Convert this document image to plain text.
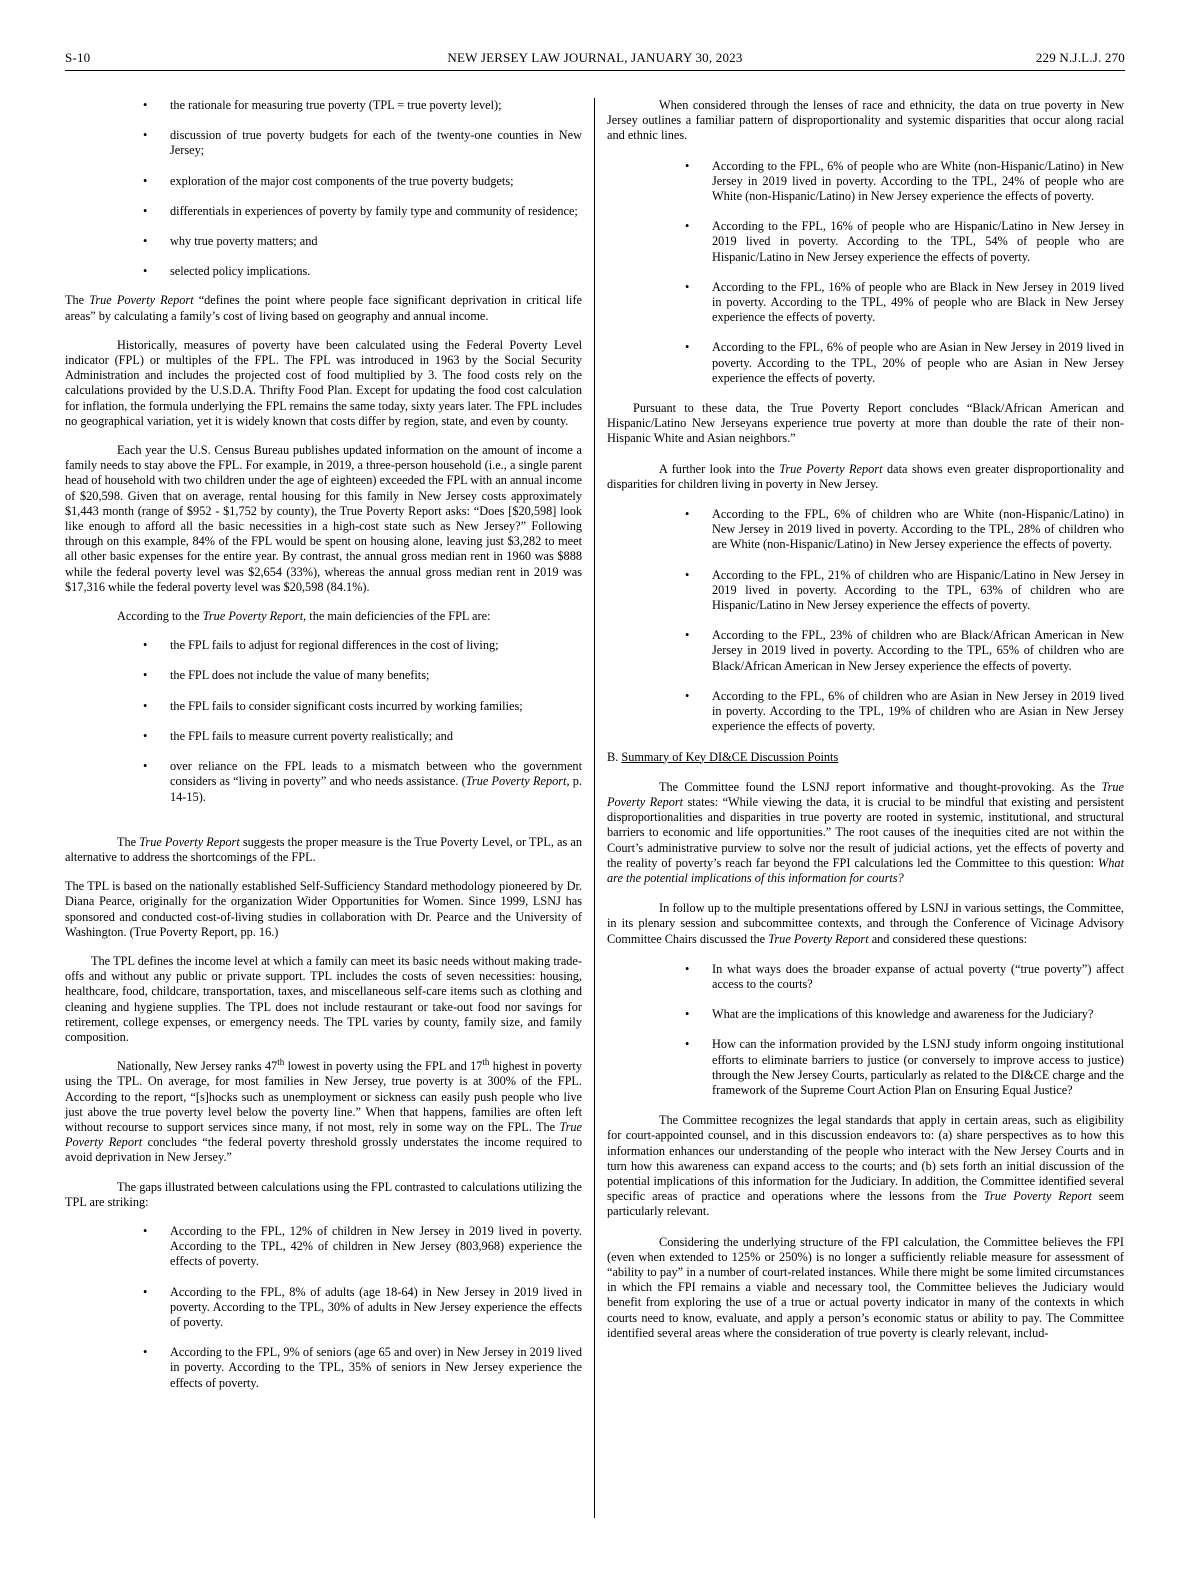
S-10	NEW JERSEY LAW JOURNAL, JANUARY 30, 2023	229 N.J.L.J. 270
• the rationale for measuring true poverty (TPL = true poverty level);
• discussion of true poverty budgets for each of the twenty-one counties in New Jersey;
• exploration of the major cost components of the true poverty budgets;
• differentials in experiences of poverty by family type and community of residence;
• why true poverty matters; and
• selected policy implications.

The True Poverty Report “defines the point where people face significant deprivation in critical life areas” by calculating a family’s cost of living based on geography and annual income.

Historically, measures of poverty have been calculated using the Federal Poverty Level indicator (FPL) or multiples of the FPL. The FPL was introduced in 1963 by the Social Security Administration and includes the projected cost of food multiplied by 3. The food costs rely on the calculations provided by the U.S.D.A. Thrifty Food Plan. Except for updating the food cost calculation for inflation, the formula underlying the FPL remains the same today, sixty years later. The FPL includes no geographical variation, yet it is widely known that costs differ by region, state, and even by county.

Each year the U.S. Census Bureau publishes updated information on the amount of income a family needs to stay above the FPL. For example, in 2019, a three-person household (i.e., a single parent head of household with two children under the age of eighteen) exceeded the FPL with an annual income of $20,598. Given that on average, rental housing for this family in New Jersey costs approximately $1,443 month (range of $952 - $1,752 by county), the True Poverty Report asks: “Does [$20,598] look like enough to afford all the basic necessities in a high-cost state such as New Jersey?” Following through on this example, 84% of the FPL would be spent on housing alone, leaving just $3,282 to meet all other basic expenses for the entire year. By contrast, the annual gross median rent in 1960 was $888 while the federal poverty level was $2,654 (33%), whereas the annual gross median rent in 2019 was $17,316 while the federal poverty level was $20,598 (84.1%).

According to the True Poverty Report, the main deficiencies of the FPL are:

• the FPL fails to adjust for regional differences in the cost of living;
• the FPL does not include the value of many benefits;
• the FPL fails to consider significant costs incurred by working families;
• the FPL fails to measure current poverty realistically; and
• over reliance on the FPL leads to a mismatch between who the government considers as “living in poverty” and who needs assistance. (True Poverty Report, p. 14-15).

The True Poverty Report suggests the proper measure is the True Poverty Level, or TPL, as an alternative to address the shortcomings of the FPL.

The TPL is based on the nationally established Self-Sufficiency Standard methodology pioneered by Dr. Diana Pearce, originally for the organization Wider Opportunities for Women. Since 1999, LSNJ has sponsored and conducted cost-of-living studies in collaboration with Dr. Pearce and the University of Washington. (True Poverty Report, pp. 16.)

The TPL defines the income level at which a family can meet its basic needs without making trade-offs and without any public or private support. TPL includes the costs of seven necessities: housing, healthcare, food, childcare, transportation, taxes, and miscellaneous self-care items such as clothing and cleaning and hygiene supplies. The TPL does not include restaurant or take-out food nor savings for retirement, college expenses, or emergency needs. The TPL varies by county, family size, and family composition.

Nationally, New Jersey ranks 47th lowest in poverty using the FPL and 17th highest in poverty using the TPL. On average, for most families in New Jersey, true poverty is at 300% of the FPL. According to the report, “[s]hocks such as unemployment or sickness can easily push people who live just above the true poverty level below the poverty line.” When that happens, families are often left without recourse to support services since many, if not most, rely in some way on the FPL. The True Poverty Report concludes “the federal poverty threshold grossly understates the income required to avoid deprivation in New Jersey.”

The gaps illustrated between calculations using the FPL contrasted to calculations utilizing the TPL are striking:

• According to the FPL, 12% of children in New Jersey in 2019 lived in poverty. According to the TPL, 42% of children in New Jersey (803,968) experience the effects of poverty.
• According to the FPL, 8% of adults (age 18-64) in New Jersey in 2019 lived in poverty. According to the TPL, 30% of adults in New Jersey experience the effects of poverty.
• According to the FPL, 9% of seniors (age 65 and over) in New Jersey in 2019 lived in poverty. According to the TPL, 35% of seniors in New Jersey experience the effects of poverty.

When considered through the lenses of race and ethnicity, the data on true poverty in New Jersey outlines a familiar pattern of disproportionality and systemic disparities that occur along racial and ethnic lines.

• According to the FPL, 6% of people who are White (non-Hispanic/Latino) in New Jersey in 2019 lived in poverty. According to the TPL, 24% of people who are White (non-Hispanic/Latino) in New Jersey experience the effects of poverty.
• According to the FPL, 16% of people who are Hispanic/Latino in New Jersey in 2019 lived in poverty. According to the TPL, 54% of people who are Hispanic/Latino in New Jersey experience the effects of poverty.
• According to the FPL, 16% of people who are Black in New Jersey in 2019 lived in poverty. According to the TPL, 49% of people who are Black in New Jersey experience the effects of poverty.
• According to the FPL, 6% of people who are Asian in New Jersey in 2019 lived in poverty. According to the TPL, 20% of people who are Asian in New Jersey experience the effects of poverty.

Pursuant to these data, the True Poverty Report concludes “Black/African American and Hispanic/Latino New Jerseyans experience true poverty at more than double the rate of their non-Hispanic White and Asian neighbors.”

A further look into the True Poverty Report data shows even greater disproportionality and disparities for children living in poverty in New Jersey.

• According to the FPL, 6% of children who are White (non-Hispanic/Latino) in New Jersey in 2019 lived in poverty. According to the TPL, 28% of children who are White (non-Hispanic/Latino) in New Jersey experience the effects of poverty.
• According to the FPL, 21% of children who are Hispanic/Latino in New Jersey in 2019 lived in poverty. According to the TPL, 63% of children who are Hispanic/Latino in New Jersey experience the effects of poverty.
• According to the FPL, 23% of children who are Black/African American in New Jersey in 2019 lived in poverty. According to the TPL, 65% of children who are Black/African American in New Jersey experience the effects of poverty.
• According to the FPL, 6% of children who are Asian in New Jersey in 2019 lived in poverty. According to the TPL, 19% of children who are Asian in New Jersey experience the effects of poverty.

B. Summary of Key DI&CE Discussion Points

The Committee found the LSNJ report informative and thought-provoking. As the True Poverty Report states: “While viewing the data, it is crucial to be mindful that existing and persistent disproportionalities and disparities in true poverty are rooted in systemic, institutional, and structural barriers to economic and life opportunities.” The root causes of the inequities cited are not within the Court’s administrative purview to solve nor the result of judicial actions, yet the effects of poverty and the reality of poverty’s reach far beyond the FPI calculations led the Committee to this question: What are the potential implications of this information for courts?

In follow up to the multiple presentations offered by LSNJ in various settings, the Committee, in its plenary session and subcommittee contexts, and through the Conference of Vicinage Advisory Committee Chairs discussed the True Poverty Report and considered these questions:

• In what ways does the broader expanse of actual poverty (“true poverty”) affect access to the courts?
• What are the implications of this knowledge and awareness for the Judiciary?
• How can the information provided by the LSNJ study inform ongoing institutional efforts to eliminate barriers to justice (or conversely to improve access to justice) through the New Jersey Courts, particularly as related to the DI&CE charge and the framework of the Supreme Court Action Plan on Ensuring Equal Justice?

The Committee recognizes the legal standards that apply in certain areas, such as eligibility for court-appointed counsel, and in this discussion endeavors to: (a) share perspectives as to how this information enhances our understanding of the people who interact with the New Jersey Courts and in turn how this awareness can expand access to the courts; and (b) sets forth an initial discussion of the potential implications of this information for the Judiciary. In addition, the Committee identified several specific areas of practice and operations where the lessons from the True Poverty Report seem particularly relevant.

Considering the underlying structure of the FPI calculation, the Committee believes the FPI (even when extended to 125% or 250%) is no longer a sufficiently reliable measure for assessment of “ability to pay” in a number of court-related instances. While there might be some limited circumstances in which the FPI remains a viable and necessary tool, the Committee believes the Judiciary would benefit from exploring the use of a true or actual poverty indicator in many of the contexts in which courts need to know, evaluate, and apply a person’s economic status or ability to pay. The Committee identified several areas where the consideration of true poverty is clearly relevant, includ-
